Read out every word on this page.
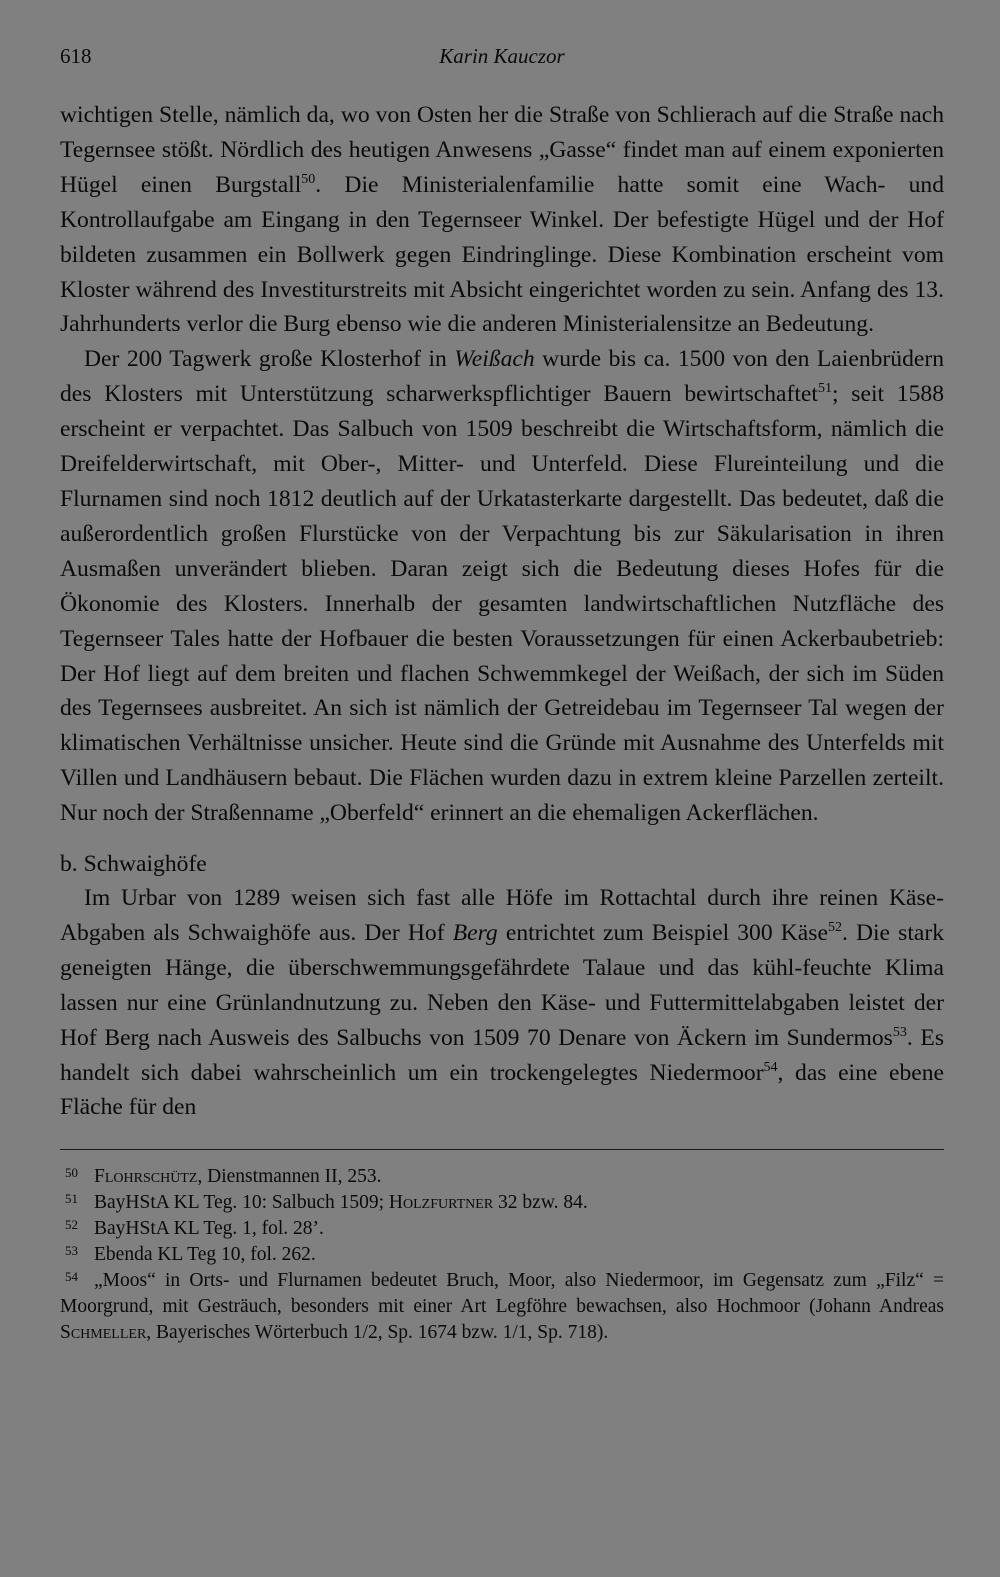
618	Karin Kauczor

wichtigen Stelle, nämlich da, wo von Osten her die Straße von Schlierach auf die Straße nach Tegernsee stößt. Nördlich des heutigen Anwesens „Gasse“ findet man auf einem exponierten Hügel einen Burgstall$^{50}$. Die Ministerialenfamilie hatte somit eine Wach- und Kontrollaufgabe am Eingang in den Tegernseer Winkel. Der befestigte Hügel und der Hof bildeten zusammen ein Bollwerk gegen Eindringlinge. Diese Kombination erscheint vom Kloster während des Investiturstreits mit Absicht eingerichtet worden zu sein. Anfang des 13. Jahrhunderts verlor die Burg ebenso wie die anderen Ministerialensitze an Bedeutung.

Der 200 Tagwerk große Klosterhof in Weißach wurde bis ca. 1500 von den Laienbrüdern des Klosters mit Unterstützung scharwerkspflichtiger Bauern bewirtschaftet$^{51}$; seit 1588 erscheint er verpachtet. Das Salbuch von 1509 beschreibt die Wirtschaftsform, nämlich die Dreifelderwirtschaft, mit Ober-, Mitter- und Unterfeld. Diese Flureinteilung und die Flurnamen sind noch 1812 deutlich auf der Urkatasterkarte dargestellt. Das bedeutet, daß die außerordentlich großen Flurstücke von der Verpachtung bis zur Säkularisation in ihren Ausmaßen unverändert blieben. Daran zeigt sich die Bedeutung dieses Hofes für die Ökonomie des Klosters. Innerhalb der gesamten landwirtschaftlichen Nutzfläche des Tegernseer Tales hatte der Hofbauer die besten Voraussetzungen für einen Ackerbaubetrieb: Der Hof liegt auf dem breiten und flachen Schwemmkegel der Weißach, der sich im Süden des Tegernsees ausbreitet. An sich ist nämlich der Getreidebau im Tegernseer Tal wegen der klimatischen Verhältnisse unsicher. Heute sind die Gründe mit Ausnahme des Unterfelds mit Villen und Landhäusern bebaut. Die Flächen wurden dazu in extrem kleine Parzellen zerteilt. Nur noch der Straßenname „Oberfeld“ erinnert an die ehemaligen Ackerflächen.

b. Schwaighöfe

Im Urbar von 1289 weisen sich fast alle Höfe im Rottachtal durch ihre reinen Käse-Abgaben als Schwaighöfe aus. Der Hof Berg entrichtet zum Beispiel 300 Käse$^{52}$. Die stark geneigten Hänge, die überschwemmungsgefährdete Talaue und das kühl-feuchte Klima lassen nur eine Grünlandnutzung zu. Neben den Käse- und Futtermittelabgaben leistet der Hof Berg nach Ausweis des Salbuchs von 1509 70 Denare von Äckern im Sundermos$^{53}$. Es handelt sich dabei wahrscheinlich um ein trockengelegtes Niedermoor$^{54}$, das eine ebene Fläche für den

50 Flohrschütz, Dienstmannen II, 253.
51 BayHStA KL Teg. 10: Salbuch 1509; Holzfurtner 32 bzw. 84.
52 BayHStA KL Teg. 1, fol. 28’.
53 Ebenda KL Teg 10, fol. 262.
54 „Moos“ in Orts- und Flurnamen bedeutet Bruch, Moor, also Niedermoor, im Gegensatz zum „Filz“ = Moorgrund, mit Gesträuch, besonders mit einer Art Legföhre bewachsen, also Hochmoor (Johann Andreas Schmeller, Bayerisches Wörterbuch 1/2, Sp. 1674 bzw. 1/1, Sp. 718).
